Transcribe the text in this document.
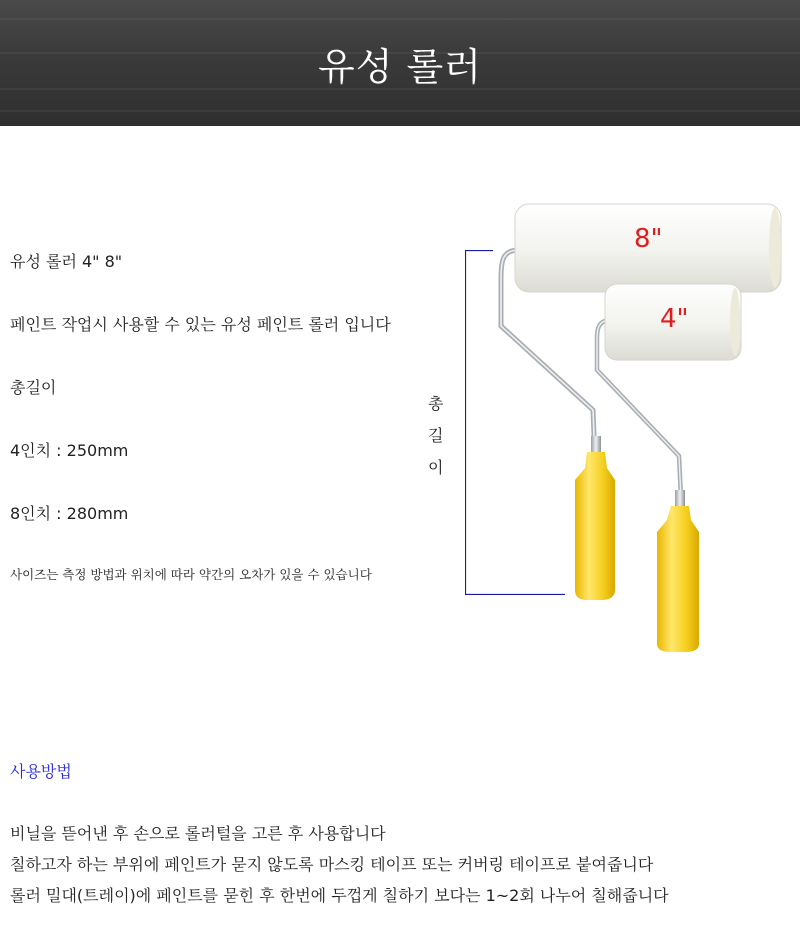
유성 롤러
유성 롤러 4" 8"
페인트 작업시 사용할 수 있는 유성 페인트 롤러 입니다
총길이
4인치 : 250mm
8인치 : 280mm
사이즈는 측정 방법과 위치에 따라 약간의 오차가 있을 수 있습니다
총
길
이
8"
4"
사용방법
비닐을 뜯어낸 후 손으로 롤러털을 고른 후 사용합니다
칠하고자 하는 부위에 페인트가 묻지 않도록 마스킹 테이프 또는 커버링 테이프로 붙여줍니다
롤러 밀대(트레이)에 페인트를 묻힌 후 한번에 두껍게 칠하기 보다는 1~2회 나누어 칠해줍니다
